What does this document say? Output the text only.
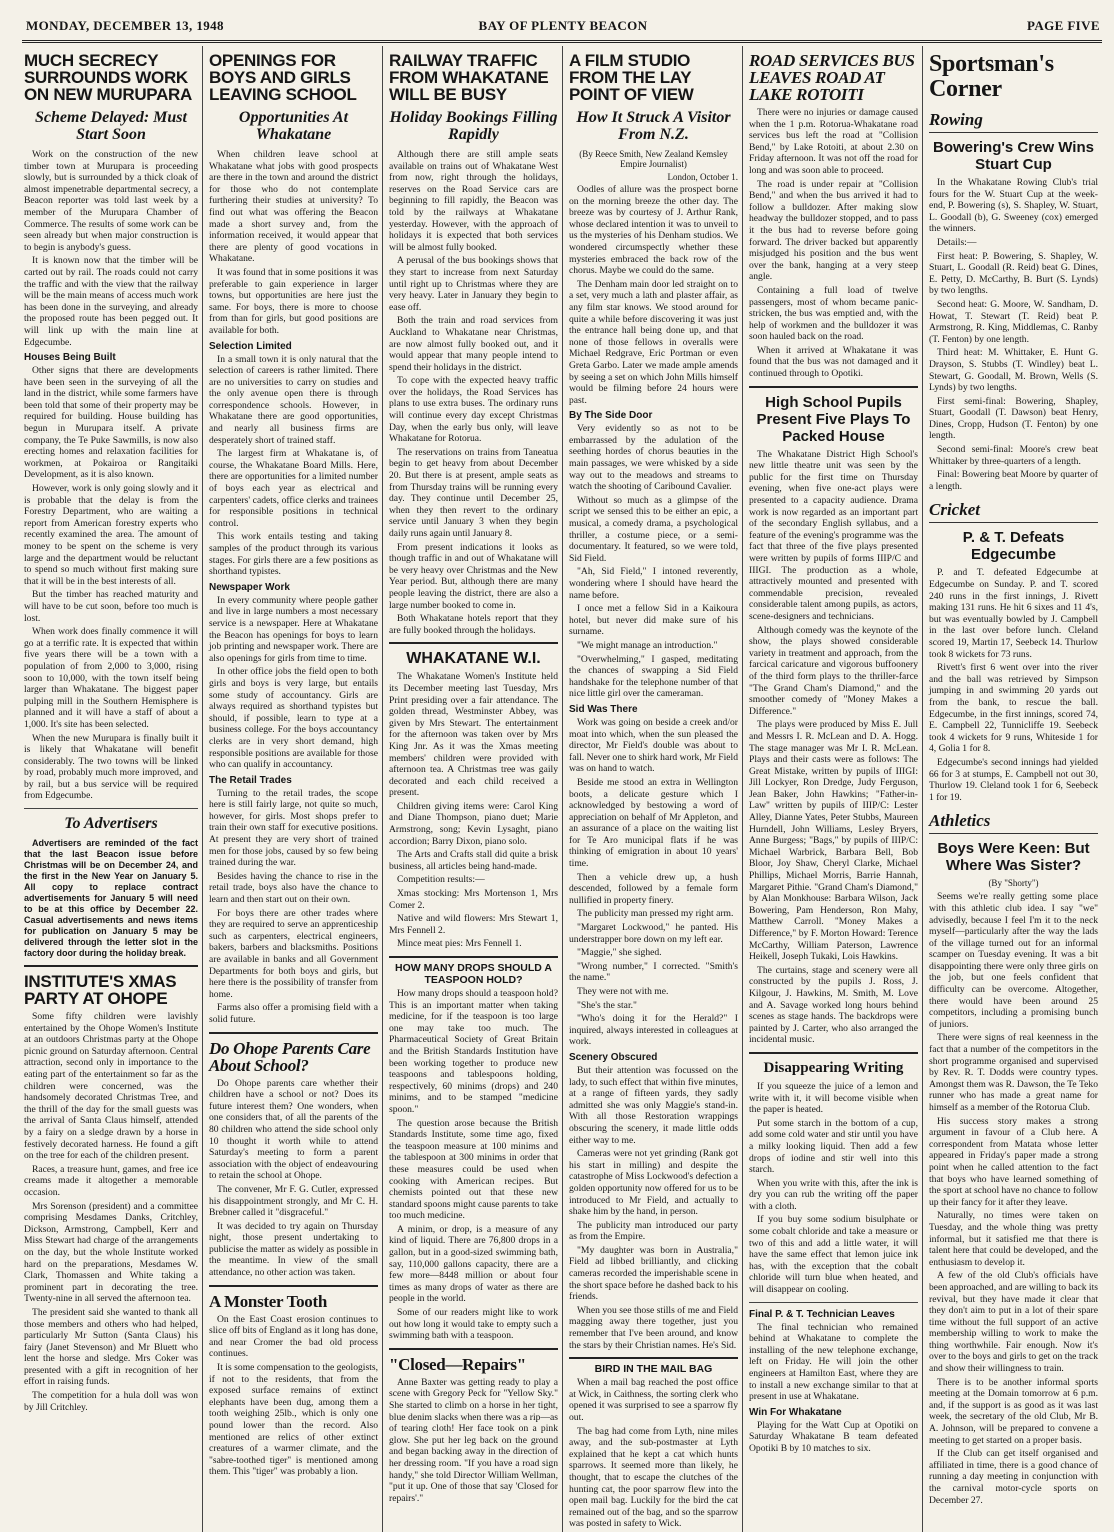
MONDAY, DECEMBER 13, 1948	BAY OF PLENTY BEACON	PAGE FIVE
MUCH SECRECY SURROUNDS WORK ON NEW MURUPARA
Scheme Delayed: Must Start Soon

Work on the construction of the new timber town at Murupara is proceeding slowly, but is surrounded by a thick cloak of almost impenetrable departmental secrecy, a Beacon reporter was told last week by a member of the Murupara Chamber of Commerce. The results of some work can be seen already but when major construction is to begin is anybody's guess.

It is known now that the timber will be carted out by rail. The roads could not carry the traffic and with the view that the railway will be the main means of access much work has been done in the surveying, and already the proposed route has been pegged out. It will link up with the main line at Edgecumbe.

Houses Being Built

Other signs that there are developments have been seen in the surveying of all the land in the district, while some farmers have been told that some of their property may be required for building. House building has begun in Murupara itself. A private company, the Te Puke Sawmills, is now also erecting homes and relaxation facilities for workmen, at Pokairoa or Rangitaiki Development, as it is also known.

However, work is only going slowly and it is probable that the delay is from the Forestry Department, who are waiting a report from American forestry experts who recently examined the area. The amount of money to be spent on the scheme is very large and the department would be reluctant to spend so much without first making sure that it will be in the best interests of all.

But the timber has reached maturity and will have to be cut soon, before too much is lost.

When work does finally commence it will go at a terrific rate. It is expected that within five years there will be a town with a population of from 2,000 to 3,000, rising soon to 10,000, with the town itself being larger than Whakatane. The biggest paper pulping mill in the Southern Hemisphere is planned and it will have a staff of about a 1,000. It's site has been selected.

When the new Murupara is finally built it is likely that Whakatane will benefit considerably. The two towns will be linked by road, probably much more improved, and by rail, but a bus service will be required from Edgecumbe.

To Advertisers

Advertisers are reminded of the fact that the last Beacon issue before Christmas will be on December 24, and the first in the New Year on January 5. All copy to replace contract advertisements for January 5 will need to be at this office by December 22. Casual advertisements and news items for publication on January 5 may be delivered through the letter slot in the factory door during the holiday break.

INSTITUTE'S XMAS PARTY AT OHOPE

Some fifty children were lavishly entertained by the Ohope Women's Institute at an outdoors Christmas party at the Ohope picnic ground on Saturday afternoon. Central attraction, second only in importance to the eating part of the entertainment so far as the children were concerned, was the handsomely decorated Christmas Tree, and the thrill of the day for the small guests was the arrival of Santa Claus himself, attended by a fairy on a sledge drawn by a horse in festively decorated harness. He found a gift on the tree for each of the children present.

Races, a treasure hunt, games, and free ice creams made it altogether a memorable occasion.

Mrs Sorenson (president) and a committee comprising Mesdames Danks, Critchley, Dickson, Armstrong, Campbell, Kerr and Miss Stewart had charge of the arrangements on the day, but the whole Institute worked hard on the preparations, Mesdames W. Clark, Thomassen and White taking a prominent part in decorating the tree. Twenty-nine in all served the afternoon tea.

The president said she wanted to thank all those members and others who had helped, particularly Mr Sutton (Santa Claus) his fairy (Janet Stevenson) and Mr Bluett who lent the horse and sledge. Mrs Coker was presented with a gift in recognition of her effort in raising funds.

The competition for a hula doll was won by Jill Critchley.

OPENINGS FOR BOYS AND GIRLS LEAVING SCHOOL
Opportunities At Whakatane

When children leave school at Whakatane what jobs with good prospects are there in the town and around the district for those who do not contemplate furthering their studies at university? To find out what was offering the Beacon made a short survey and, from the information received, it would appear that there are plenty of good vocations in Whakatane.

It was found that in some positions it was preferable to gain experience in larger towns, but opportunities are here just the same. For boys, there is more to choose from than for girls, but good positions are available for both.

Selection Limited

In a small town it is only natural that the selection of careers is rather limited. There are no universities to carry on studies and the only avenue open there is through correspondence schools. However, in Whakatane there are good opportunities, and nearly all business firms are desperately short of trained staff.

The largest firm at Whakatane is, of course, the Whakatane Board Mills. Here, there are opportunities for a limited number of boys each year as electrical and carpenters' cadets, office clerks and trainees for responsible positions in technical control.

This work entails testing and taking samples of the product through its various stages. For girls there are a few positions as shorthand typistes.

Newspaper Work

In every community where people gather and live in large numbers a most necessary service is a newspaper. Here at Whakatane the Beacon has openings for boys to learn job printing and newspaper work. There are also openings for girls from time to time.

In other office jobs the field open to both girls and boys is very large, but entails some study of accountancy. Girls are always required as shorthand typistes but should, if possible, learn to type at a business college. For the boys accountancy clerks are in very short demand, high responsible positions are available for those who can qualify in accountancy.

The Retail Trades

Turning to the retail trades, the scope here is still fairly large, not quite so much, however, for girls. Most shops prefer to train their own staff for executive positions. At present they are very short of trained men for those jobs, caused by so few being trained during the war.

Besides having the chance to rise in the retail trade, boys also have the chance to learn and then start out on their own.

For boys there are other trades where they are required to serve an apprenticeship such as carpenters, electrical engineers, bakers, barbers and blacksmiths. Positions are available in banks and all Government Departments for both boys and girls, but here there is the possibility of transfer from home.

Farms also offer a promising field with a solid future.

Do Ohope Parents Care About School?

Do Ohope parents care whether their children have a school or not? Does its future interest them? One wonders, when one considers that, of all the parents of the 80 children who attend the side school only 10 thought it worth while to attend Saturday's meeting to form a parent association with the object of endeavouring to retain the school at Ohope.

The convener, Mr F. G. Cutler, expressed his disappointment strongly, and Mr C. H. Brebner called it "disgraceful."

It was decided to try again on Thursday night, those present undertaking to publicise the matter as widely as possible in the meantime. In view of the small attendance, no other action was taken.

A Monster Tooth

On the East Coast erosion continues to slice off bits of England as it long has done, and near Cromer the bad old process continues.

It is some compensation to the geologists, if not to the residents, that from the exposed surface remains of extinct elephants have been dug, among them a tooth weighing 25lb., which is only one pound lower than the record. Also mentioned are relics of other extinct creatures of a warmer climate, and the "sabre-toothed tiger" is mentioned among them. This "tiger" was probably a lion.

RAILWAY TRAFFIC FROM WHAKATANE WILL BE BUSY
Holiday Bookings Filling Rapidly

Although there are still ample seats available on trains out of Whakatane West from now, right through the holidays, reserves on the Road Service cars are beginning to fill rapidly, the Beacon was told by the railways at Whakatane yesterday. However, with the approach of holidays it is expected that both services will be almost fully booked.

A perusal of the bus bookings shows that they start to increase from next Saturday until right up to Christmas where they are very heavy. Later in January they begin to ease off.

Both the train and road services from Auckland to Whakatane near Christmas, are now almost fully booked out, and it would appear that many people intend to spend their holidays in the district.

To cope with the expected heavy traffic over the holidays, the Road Services has plans to use extra buses. The ordinary runs will continue every day except Christmas Day, when the early bus only, will leave Whakatane for Rotorua.

The reservations on trains from Taneatua begin to get heavy from about December 20. But there is at present, ample seats as from Thursday trains will be running every day. They continue until December 25, when they then revert to the ordinary service until January 3 when they begin daily runs again until January 8.

From present indications it looks as though traffic in and out of Whakatane will be very heavy over Christmas and the New Year period. But, although there are many people leaving the district, there are also a large number booked to come in.

Both Whakatane hotels report that they are fully booked through the holidays.

WHAKATANE W.I.

The Whakatane Women's Institute held its December meeting last Tuesday, Mrs Print presiding over a fair attendance. The golden thread, Westminster Abbey, was given by Mrs Stewart. The entertainment for the afternoon was taken over by Mrs King Jnr. As it was the Xmas meeting members' children were provided with afternoon tea. A Christmas tree was gaily decorated and each child received a present.

Children giving items were: Carol King and Diane Thompson, piano duet; Marie Armstrong, song; Kevin Lysaght, piano accordion; Barry Dixon, piano solo.

The Arts and Crafts stall did quite a brisk business, all articles being hand-made.

Competition results:—

Xmas stocking: Mrs Mortenson 1, Mrs Comer 2.

Native and wild flowers: Mrs Stewart 1, Mrs Fennell 2.

Mince meat pies: Mrs Fennell 1.

HOW MANY DROPS SHOULD A TEASPOON HOLD?

How many drops should a teaspoon hold? This is an important matter when taking medicine, for if the teaspoon is too large one may take too much. The Pharmaceutical Society of Great Britain and the British Standards Institution have been working together to produce new teaspoons and tablespoons holding, respectively, 60 minims (drops) and 240 minims, and to be stamped "medicine spoon."

The question arose because the British Standards Institute, some time ago, fixed the teaspoon measure at 100 minims and the tablespoon at 300 minims in order that these measures could be used when cooking with American recipes. But chemists pointed out that these new standard spoons might cause parents to take too much medicine.

A minim, or drop, is a measure of any kind of liquid. There are 76,800 drops in a gallon, but in a good-sized swimming bath, say, 110,000 gallons capacity, there are a few more—8448 million or about four times as many drops of water as there are people in the world.

Some of our readers might like to work out how long it would take to empty such a swimming bath with a teaspoon.

"Closed—Repairs"

Anne Baxter was getting ready to play a scene with Gregory Peck for "Yellow Sky." She started to climb on a horse in her tight, blue denim slacks when there was a rip—as of tearing cloth! Her face took on a pink glow. She put her leg back on the ground and began backing away in the direction of her dressing room. "If you have a road sign handy," she told Director William Wellman, "put it up. One of those that say 'Closed for repairs'."

A FILM STUDIO FROM THE LAY POINT OF VIEW
How It Struck A Visitor From N.Z.
(By Reece Smith, New Zealand Kemsley Empire Journalist)
London, October 1.

Oodles of allure was the prospect borne on the morning breeze the other day. The breeze was by courtesy of J. Arthur Rank, whose declared intention it was to unveil to us the mysteries of his Denham studios. We wondered circumspectly whether these mysteries embraced the back row of the chorus. Maybe we could do the same.

The Denham main door led straight on to a set, very much a lath and plaster affair, as any film star knows. We stood around for quite a while before discovering it was just the entrance hall being done up, and that none of those fellows in overalls were Michael Redgrave, Eric Portman or even Greta Garbo. Later we made ample amends by seeing a set on which John Mills himself would be filming before 24 hours were past.

By The Side Door

Very evidently so as not to be embarrassed by the adulation of the seething hordes of chorus beauties in the main passages, we were whisked by a side way out to the meadows and streams to watch the shooting of Caribound Cavalier.

Without so much as a glimpse of the script we sensed this to be either an epic, a musical, a comedy drama, a psychological thriller, a costume piece, or a semi-documentary. It featured, so we were told, Sid Field.

"Ah, Sid Field," I intoned reverently, wondering where I should have heard the name before.

I once met a fellow Sid in a Kaikoura hotel, but never did make sure of his surname.

"We might manage an introduction."

"Overwhelming," I gasped, meditating the chances of swapping a Sid Field handshake for the telephone number of that nice little girl over the cameraman.

Sid Was There

Work was going on beside a creek and/or moat into which, when the sun pleased the director, Mr Field's double was about to fall. Never one to shirk hard work, Mr Field was on hand to watch.

Beside me stood an extra in Wellington boots, a delicate gesture which I acknowledged by bestowing a word of appreciation on behalf of Mr Appleton, and an assurance of a place on the waiting list for Te Aro municipal flats if he was thinking of emigration in about 10 years' time.

Then a vehicle drew up, a hush descended, followed by a female form nullified in property finery.

The publicity man pressed my right arm.

"Margaret Lockwood," he panted. His understrapper bore down on my left ear.

"Maggie," she sighed.

"Wrong number," I corrected. "Smith's the name."

They were not with me.

"She's the star."

"Who's doing it for the Herald?" I inquired, always interested in colleagues at work.

Scenery Obscured

But their attention was focussed on the lady, to such effect that within five minutes, at a range of fifteen yards, they sadly admitted she was only Maggie's stand-in. With all those Restoration wrappings obscuring the scenery, it made little odds either way to me.

Cameras were not yet grinding (Rank got his start in milling) and despite the catastrophe of Miss Lockwood's defection a golden opportunity now offered for us to be introduced to Mr Field, and actually to shake him by the hand, in person.

The publicity man introduced our party as from the Empire.

"My daughter was born in Australia," Field ad libbed brilliantly, and clicking cameras recorded the imperishable scene in the short space before he dashed back to his friends.

When you see those stills of me and Field magging away there together, just you remember that I've been around, and know the stars by their Christian names. He's Sid.

BIRD IN THE MAIL BAG

When a mail bag reached the post office at Wick, in Caithness, the sorting clerk who opened it was surprised to see a sparrow fly out.

The bag had come from Lyth, nine miles away, and the sub-postmaster at Lyth explained that he kept a cat which hunts sparrows. It seemed more than likely, he thought, that to escape the clutches of the hunting cat, the poor sparrow flew into the open mail bag. Luckily for the bird the cat remained out of the bag, and so the sparrow was posted in safety to Wick.

ROAD SERVICES BUS LEAVES ROAD AT LAKE ROTOITI

There were no injuries or damage caused when the 1 p.m. Rotorua-Whakatane road services bus left the road at "Collision Bend," by Lake Rotoiti, at about 2.30 on Friday afternoon. It was not off the road for long and was soon able to proceed.

The road is under repair at "Collision Bend," and when the bus arrived it had to follow a bulldozer. After making slow headway the bulldozer stopped, and to pass it the bus had to reverse before going forward. The driver backed but apparently misjudged his position and the bus went over the bank, hanging at a very steep angle.

Containing a full load of twelve passengers, most of whom became panic-stricken, the bus was emptied and, with the help of workmen and the bulldozer it was soon hauled back on the road.

When it arrived at Whakatane it was found that the bus was not damaged and it continued through to Opotiki.

High School Pupils Present Five Plays To Packed House

The Whakatane District High School's new little theatre unit was seen by the public for the first time on Thursday evening, when five one-act plays were presented to a capacity audience. Drama work is now regarded as an important part of the secondary English syllabus, and a feature of the evening's programme was the fact that three of the five plays presented were written by pupils of forms IIIP/C and IIIGI. The production as a whole, attractively mounted and presented with commendable precision, revealed considerable talent among pupils, as actors, scene-designers and technicians.

Although comedy was the keynote of the show, the plays showed considerable variety in treatment and approach, from the farcical caricature and vigorous buffoonery of the third form plays to the thriller-farce "The Grand Cham's Diamond," and the smoother comedy of "Money Makes a Difference."

The plays were produced by Miss E. Jull and Messrs I. R. McLean and D. A. Hogg. The stage manager was Mr I. R. McLean. Plays and their casts were as follows: The Great Mistake, written by pupils of IIIGI: Jill Lockyer, Ron Dredge, Judy Ferguson, Jean Baker, John Hawkins; "Father-in-Law" written by pupils of IIIP/C: Lester Alley, Dianne Yates, Peter Stubbs, Maureen Hurndell, John Williams, Lesley Bryers, Anne Burgess; "Bags," by pupils of IIIP/C: Michael Warbrick, Barbara Bell, Bob Bloor, Joy Shaw, Cheryl Clarke, Michael Phillips, Michael Morris, Barrie Hannah, Margaret Pithie. "Grand Cham's Diamond," by Alan Monkhouse: Barbara Wilson, Jack Bowering, Pam Henderson, Ron Mahy, Matthew Carroll. "Money Makes a Difference," by F. Morton Howard: Terence McCarthy, William Paterson, Lawrence Heikell, Joseph Tukaki, Lois Hawkins.

The curtains, stage and scenery were all constructed by the pupils J. Ross, J. Kilgour, J. Hawkins, M. Smith, M. Love and A. Savage worked long hours behind scenes as stage hands. The backdrops were painted by J. Carter, who also arranged the incidental music.

Disappearing Writing

If you squeeze the juice of a lemon and write with it, it will become visible when the paper is heated.

Put some starch in the bottom of a cup, add some cold water and stir until you have a milky looking liquid. Then add a few drops of iodine and stir well into this starch.

When you write with this, after the ink is dry you can rub the writing off the paper with a cloth.

If you buy some sodium bisulphate or some cobalt chloride and take a measure or two of this and add a little water, it will have the same effect that lemon juice ink has, with the exception that the cobalt chloride will turn blue when heated, and will disappear on cooling.

Final P. & T. Technician Leaves

The final technician who remained behind at Whakatane to complete the installing of the new telephone exchange, left on Friday. He will join the other engineers at Hamilton East, where they are to install a new exchange similar to that at present in use at Whakatane.

Win For Whakatane

Playing for the Watt Cup at Opotiki on Saturday Whakatane B team defeated Opotiki B by 10 matches to six.

Sportsman's Corner
Rowing
Bowering's Crew Wins Stuart Cup

In the Whakatane Rowing Club's trial fours for the W. Stuart Cup at the week-end, P. Bowering (s), S. Shapley, W. Stuart, L. Goodall (b), G. Sweeney (cox) emerged the winners.

Details:—

First heat: P. Bowering, S. Shapley, W. Stuart, L. Goodall (R. Reid) beat G. Dines, E. Petty, D. McCarthy, B. Burt (S. Lynds) by two lengths.

Second heat: G. Moore, W. Sandham, D. Howat, T. Stewart (T. Reid) beat P. Armstrong, R. King, Middlemas, C. Ranby (T. Fenton) by one length.

Third heat: M. Whittaker, E. Hunt G. Drayson, S. Stubbs (T. Windley) beat L. Stewart, G. Goodall, M. Brown, Wells (S. Lynds) by two lengths.

First semi-final: Bowering, Shapley, Stuart, Goodall (T. Dawson) beat Henry, Dines, Cropp, Hudson (T. Fenton) by one length.

Second semi-final: Moore's crew beat Whittaker by three-quarters of a length.

Final: Bowering beat Moore by quarter of a length.

Cricket
P. & T. Defeats Edgecumbe

P. and T. defeated Edgecumbe at Edgecumbe on Sunday. P. and T. scored 240 runs in the first innings, J. Rivett making 131 runs. He hit 6 sixes and 11 4's, but was eventually bowled by J. Campbell in the last over before lunch. Cleland scored 19, Martin 17, Seebeck 14. Thurlow took 8 wickets for 73 runs.

Rivett's first 6 went over into the river and the ball was retrieved by Simpson jumping in and swimming 20 yards out from the bank, to rescue the ball. Edgecumbe, in the first innings, scored 74, E. Campbell 22, Tunnicliffe 19. Seebeck took 4 wickets for 9 runs, Whiteside 1 for 4, Golia 1 for 8.

Edgecumbe's second innings had yielded 66 for 3 at stumps, E. Campbell not out 30, Thurlow 19. Cleland took 1 for 6, Seebeck 1 for 19.

Athletics
Boys Were Keen: But Where Was Sister?
(By "Shorty")

Seems we're really getting some place with this athletic club idea. I say "we" advisedly, because I feel I'm it to the neck myself—particularly after the way the lads of the village turned out for an informal scamper on Tuesday evening. It was a bit disappointing there were only three girls on the job, but one feels confident that difficulty can be overcome. Altogether, there would have been around 25 competitors, including a promising bunch of juniors.

There were signs of real keenness in the fact that a number of the competitors in the short programme organised and supervised by Rev. R. T. Dodds were country types. Amongst them was R. Dawson, the Te Teko runner who has made a great name for himself as a member of the Rotorua Club.

His success story makes a strong argument in favour of a Club here. A correspondent from Matata whose letter appeared in Friday's paper made a strong point when he called attention to the fact that boys who have learned something of the sport at school have no chance to follow up their fancy for it after they leave.

Naturally, no times were taken on Tuesday, and the whole thing was pretty informal, but it satisfied me that there is talent here that could be developed, and the enthusiasm to develop it.

A few of the old Club's officials have been approached, and are willing to back its revival, but they have made it clear that they don't aim to put in a lot of their spare time without the full support of an active membership willing to work to make the thing worthwhile. Fair enough. Now it's over to the boys and girls to get on the track and show their willingness to train.

There is to be another informal sports meeting at the Domain tomorrow at 6 p.m. and, if the support is as good as it was last week, the secretary of the old Club, Mr B. A. Johnson, will be prepared to convene a meeting to get started on a proper basis.

If the Club can get itself organised and affiliated in time, there is a good chance of running a day meeting in conjunction with the carnival motor-cycle sports on December 27.
